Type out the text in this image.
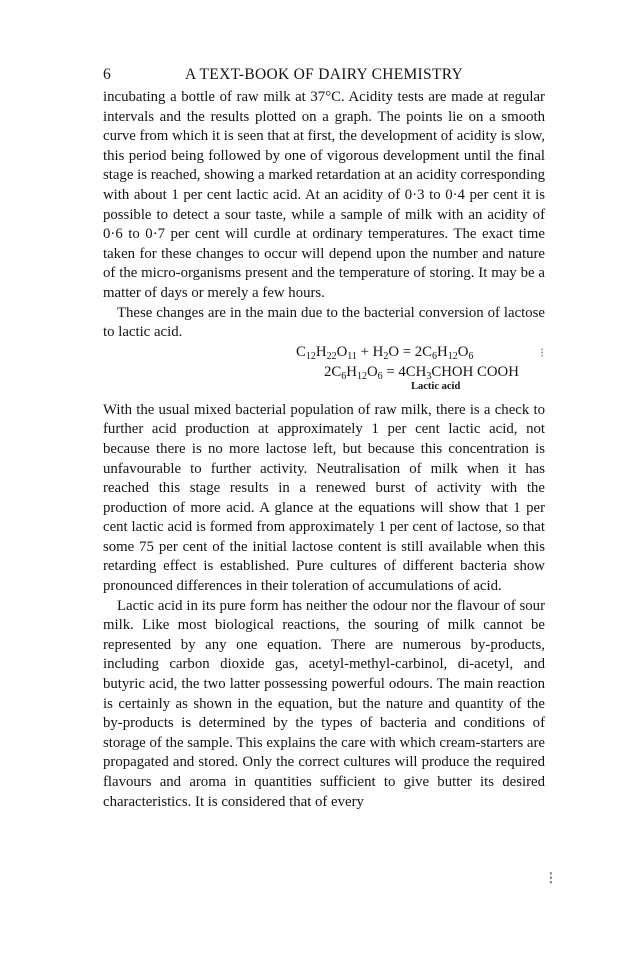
6	A TEXT-BOOK OF DAIRY CHEMISTRY

incubating a bottle of raw milk at 37°C. Acidity tests are made at regular intervals and the results plotted on a graph. The points lie on a smooth curve from which it is seen that at first, the development of acidity is slow, this period being followed by one of vigorous development until the final stage is reached, showing a marked retardation at an acidity corresponding with about 1 per cent lactic acid. At an acidity of 0·3 to 0·4 per cent it is possible to detect a sour taste, while a sample of milk with an acidity of 0·6 to 0·7 per cent will curdle at ordinary temperatures. The exact time taken for these changes to occur will depend upon the number and nature of the micro-organisms present and the temperature of storing. It may be a matter of days or merely a few hours.

These changes are in the main due to the bacterial conversion of lactose to lactic acid.

$C_{12}H_{22}O_{11} + H_2O = 2C_6H_{12}O_6$
$2C_6H_{12}O_6$ = $4CH_3CHOH$ COOH
Lactic acid

With the usual mixed bacterial population of raw milk, there is a check to further acid production at approximately 1 per cent lactic acid, not because there is no more lactose left, but because this concentration is unfavourable to further activity. Neutralisation of milk when it has reached this stage results in a renewed burst of activity with the production of more acid. A glance at the equations will show that 1 per cent lactic acid is formed from approximately 1 per cent of lactose, so that some 75 per cent of the initial lactose content is still available when this retarding effect is established. Pure cultures of different bacteria show pronounced differences in their toleration of accumulations of acid.

Lactic acid in its pure form has neither the odour nor the flavour of sour milk. Like most biological reactions, the souring of milk cannot be represented by any one equation. There are numerous by-products, including carbon dioxide gas, acetyl-methyl-carbinol, di-acetyl, and butyric acid, the two latter possessing powerful odours. The main reaction is certainly as shown in the equation, but the nature and quantity of the by-products is determined by the types of bacteria and conditions of storage of the sample. This explains the care with which cream-starters are propagated and stored. Only the correct cultures will produce the required flavours and aroma in quantities sufficient to give butter its desired characteristics. It is considered that of every

⁝
⁝
